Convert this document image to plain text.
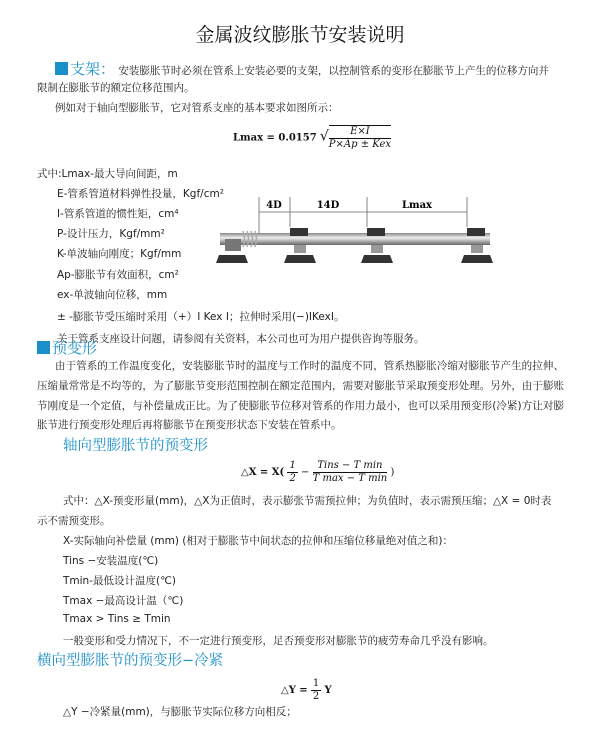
金属波纹膨胀节安装说明
支架： 安装膨胀节时必须在管系上安装必要的支架，以控制管系的变形在膨胀节上产生的位移方向并
限制在膨胀节的额定位移范围内。
例如对于轴向型膨胀节，它对管系支座的基本要求如图所示：
Lmax = 0.0157 √ $\frac{E\times I}{\text{P×Ap ± Kex}}$
式中:Lmax-最大导向间距，m
E-管系管道材料弹性投量，Kgf/cm²
I-管系管道的惯性矩，cm⁴
P-设计压力，Kgf/mm²
K-单波轴向刚度；Kgf/mm
Ap-膨胀节有效面积，cm²
ex-单波轴向位移，mm
± -膨胀节受压缩时采用（+）I Kex I；拉伸时采用(−)IKexI。
关于管系支座设计问题，请参阅有关资料，本公司也可为用户提供咨询等服务。
4D	14D	Lmax
预变形
由于管系的工作温度变化，安装膨胀节时的温度与工作时的温度不同，管系热膨胀冷缩对膨胀节产生的拉伸、压缩量常常是不均等的，为了膨胀节变形范围控制在额定范围内，需要对膨胀节采取预变形处理。另外，由于膨账节刚度是一个定值，与补偿量成正比。为了使膨胀节位移对管系的作用力最小，也可以采用预变形(冷紧)方让对膨胀节进行预变形处理后再将膨胀节在预变形状态下安装在管系中。
轴向型膨胀节的预变形
△X = $X( \frac{1}{2} - \frac{\text{Tins − T min}}{\text{T max − T min}}$ )
式中：△X-预变形量(mm)，△X为正值时，表示膨张节需预拉伸；为负值时，表示需预压缩；△X = 0时表
示不需预变形。
X-实际轴向补偿量 (mm) (相对于膨胀节中间状态的拉伸和压缩位移量绝对值之和)：
Tins −安装温度(℃)
Tmin-最低设计温度(℃)
Tmax −最高设计温（℃)
Tmax > Tins ≥ Tmin
一般变形和受力情况下，不一定进行预变形，足否预变形对膨胀节的疲劳寿命几乎没有影响。
横向型膨胀节的预变形−冷紧
△Y = $\frac{1}{2}$ Y
△Y −冷紧量(mm)，与膨胀节实际位移方向相反；
